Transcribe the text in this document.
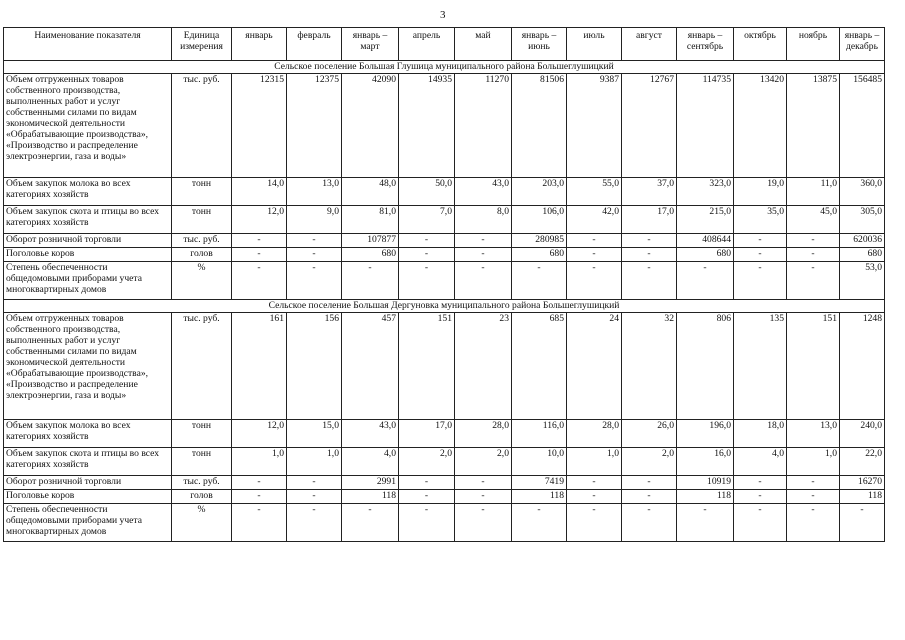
3
Наименование показателя	Единица измерения	январь	февраль	январь – март	апрель	май	январь – июнь	июль	август	январь – сентябрь	октябрь	ноябрь	январь – декабрь
Сельское поселение Большая Глушица муниципального района Большеглушицкий													
Объем отгруженных товаров собственного производства, выполненных работ и услуг собственными силами по видам экономической деятельности «Обрабатывающие производства», «Производство и распределение электроэнергии, газа и воды»	тыс. руб.	12315	12375	42090	14935	11270	81506	9387	12767	114735	13420	13875	156485
Объем закупок молока во всех категориях хозяйств	тонн	14,0	13,0	48,0	50,0	43,0	203,0	55,0	37,0	323,0	19,0	11,0	360,0
Объем закупок скота и птицы во всех категориях хозяйств	тонн	12,0	9,0	81,0	7,0	8,0	106,0	42,0	17,0	215,0	35,0	45,0	305,0
Оборот розничной торговли	тыс. руб.	-	-	107877	-	-	280985	-	-	408644	-	-	620036
Поголовье коров	голов	-	-	680	-	-	680	-	-	680	-	-	680
Степень обеспеченности общедомовыми приборами учета многоквартирных домов	%	-	-	-	-	-	-	-	-	-	-	-	53,0
Сельское поселение Большая Дергуновка муниципального района Большеглушицкий													
Объем отгруженных товаров собственного производства, выполненных работ и услуг собственными силами по видам экономической деятельности «Обрабатывающие производства», «Производство и распределение электроэнергии, газа и воды»	тыс. руб.	161	156	457	151	23	685	24	32	806	135	151	1248
Объем закупок молока во всех категориях хозяйств	тонн	12,0	15,0	43,0	17,0	28,0	116,0	28,0	26,0	196,0	18,0	13,0	240,0
Объем закупок скота и птицы во всех категориях хозяйств	тонн	1,0	1,0	4,0	2,0	2,0	10,0	1,0	2,0	16,0	4,0	1,0	22,0
Оборот розничной торговли	тыс. руб.	-	-	2991	-	-	7419	-	-	10919	-	-	16270
Поголовье коров	голов	-	-	118	-	-	118	-	-	118	-	-	118
Степень обеспеченности общедомовыми приборами учета многоквартирных домов	%	-	-	-	-	-	-	-	-	-	-	-	-
